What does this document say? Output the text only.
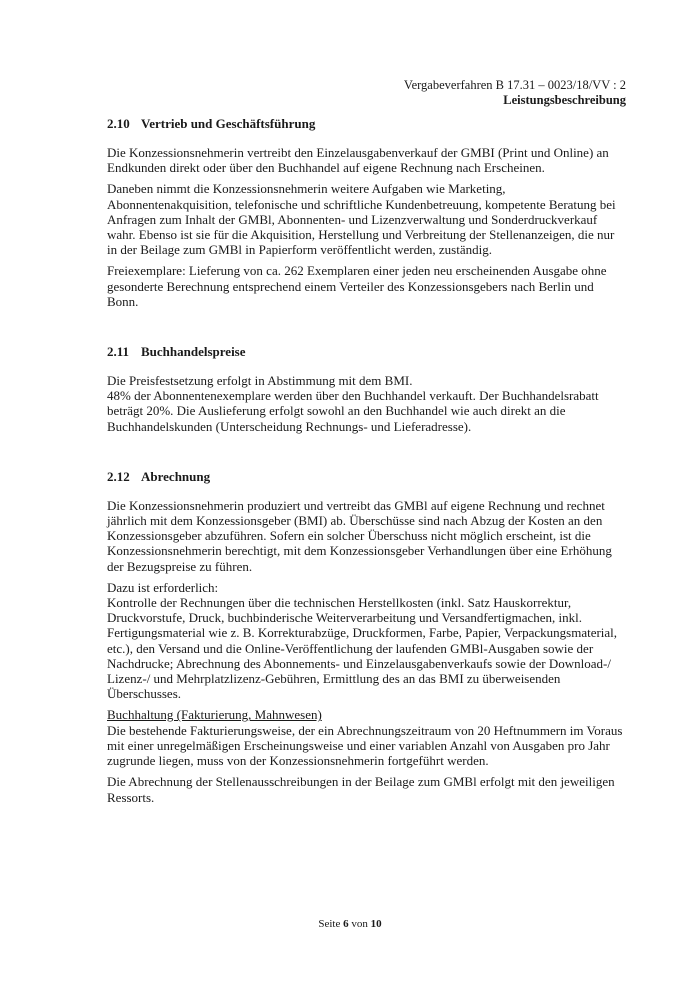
Vergabeverfahren B 17.31 – 0023/18/VV : 2
Leistungsbeschreibung
2.10 Vertrieb und Geschäftsführung

Die Konzessionsnehmerin vertreibt den Einzelausgabenverkauf der GMBI (Print und Online) an Endkunden direkt oder über den Buchhandel auf eigene Rechnung nach Erscheinen.

Daneben nimmt die Konzessionsnehmerin weitere Aufgaben wie Marketing, Abonnentenakquisition, telefonische und schriftliche Kundenbetreuung, kompetente Beratung bei Anfragen zum Inhalt der GMBl, Abonnenten- und Lizenzverwaltung und Sonderdruckverkauf wahr. Ebenso ist sie für die Akquisition, Herstellung und Verbreitung der Stellenanzeigen, die nur in der Beilage zum GMBl in Papierform veröffentlicht werden, zuständig.

Freiexemplare: Lieferung von ca. 262 Exemplaren einer jeden neu erscheinenden Ausgabe ohne gesonderte Berechnung entsprechend einem Verteiler des Konzessionsgebers nach Berlin und Bonn.

2.11 Buchhandelspreise

Die Preisfestsetzung erfolgt in Abstimmung mit dem BMI.
48% der Abonnentenexemplare werden über den Buchhandel verkauft. Der Buchhandelsrabatt beträgt 20%. Die Auslieferung erfolgt sowohl an den Buchhandel wie auch direkt an die Buchhandelskunden (Unterscheidung Rechnungs- und Lieferadresse).

2.12 Abrechnung

Die Konzessionsnehmerin produziert und vertreibt das GMBl auf eigene Rechnung und rechnet jährlich mit dem Konzessionsgeber (BMI) ab. Überschüsse sind nach Abzug der Kosten an den Konzessionsgeber abzuführen. Sofern ein solcher Überschuss nicht möglich erscheint, ist die Konzessionsnehmerin berechtigt, mit dem Konzessionsgeber Verhandlungen über eine Erhöhung der Bezugspreise zu führen.

Dazu ist erforderlich:
Kontrolle der Rechnungen über die technischen Herstellkosten (inkl. Satz Hauskorrektur, Druckvorstufe, Druck, buchbinderische Weiterverarbeitung und Versandfertigmachen, inkl. Fertigungsmaterial wie z. B. Korrekturabzüge, Druckformen, Farbe, Papier, Verpackungsmaterial, etc.), den Versand und die Online-Veröffentlichung der laufenden GMBl-Ausgaben sowie der Nachdrucke; Abrechnung des Abonnements- und Einzelausgabenverkaufs sowie der Download-/ Lizenz-/ und Mehrplatzlizenz-Gebühren, Ermittlung des an das BMI zu überweisenden Überschusses.

Buchhaltung (Fakturierung, Mahnwesen)
Die bestehende Fakturierungsweise, der ein Abrechnungszeitraum von 20 Heftnummern im Voraus mit einer unregelmäßigen Erscheinungsweise und einer variablen Anzahl von Ausgaben pro Jahr zugrunde liegen, muss von der Konzessionsnehmerin fortgeführt werden.

Die Abrechnung der Stellenausschreibungen in der Beilage zum GMBl erfolgt mit den jeweiligen Ressorts.

Seite 6 von 10
